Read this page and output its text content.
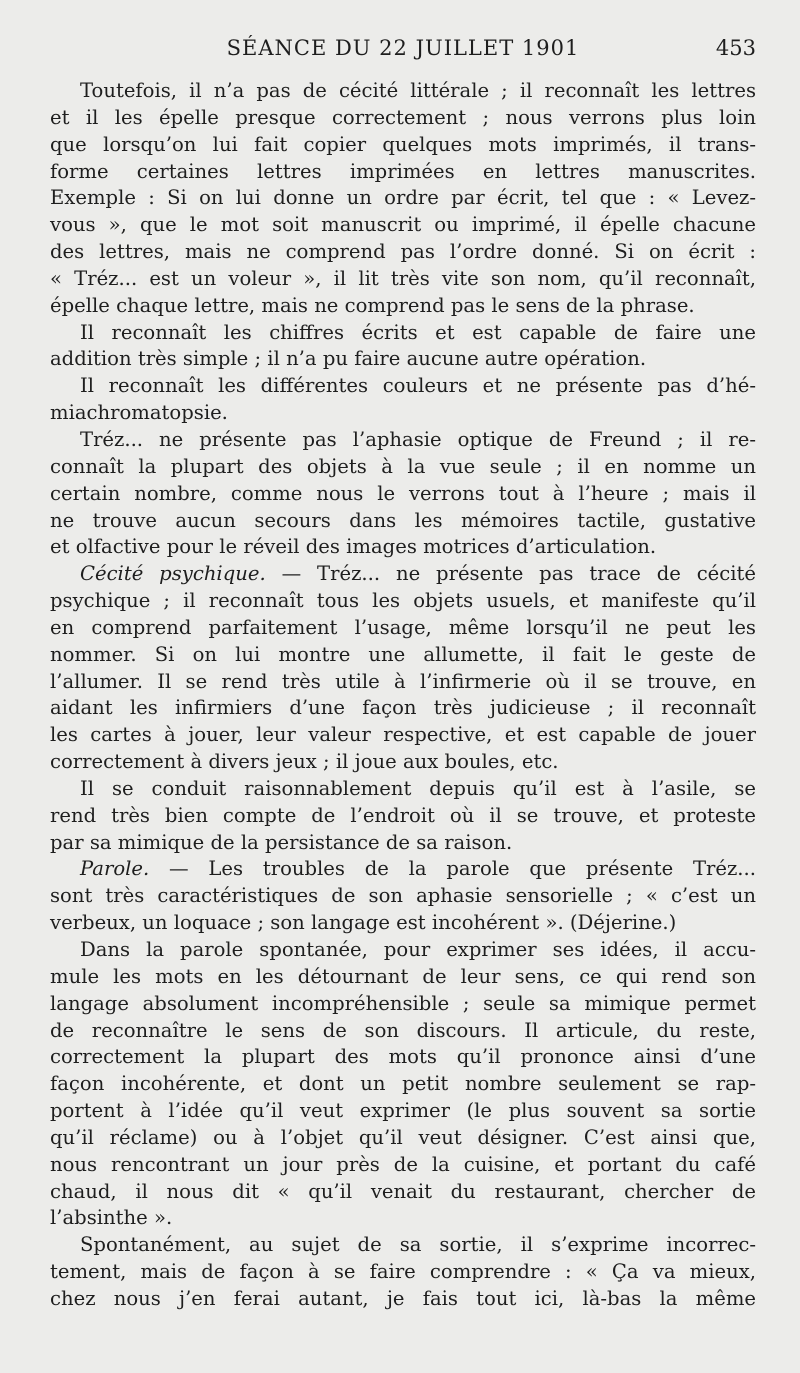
SÉANCE DU 22 JUILLET 1901	453
Toutefois, il n’a pas de cécité littérale ; il reconnaît les lettres
et il les épelle presque correctement ; nous verrons plus loin
que lorsqu’on lui fait copier quelques mots imprimés, il trans-
forme certaines lettres imprimées en lettres manuscrites.
Exemple : Si on lui donne un ordre par écrit, tel que : « Levez-
vous », que le mot soit manuscrit ou imprimé, il épelle chacune
des lettres, mais ne comprend pas l’ordre donné. Si on écrit :
« Tréz... est un voleur », il lit très vite son nom, qu’il reconnaît,
épelle chaque lettre, mais ne comprend pas le sens de la phrase.
Il reconnaît les chiffres écrits et est capable de faire une
addition très simple ; il n’a pu faire aucune autre opération.
Il reconnaît les différentes couleurs et ne présente pas d’hé-
miachromatopsie.
Tréz... ne présente pas l’aphasie optique de Freund ; il re-
connaît la plupart des objets à la vue seule ; il en nomme un
certain nombre, comme nous le verrons tout à l’heure ; mais il
ne trouve aucun secours dans les mémoires tactile, gustative
et olfactive pour le réveil des images motrices d’articulation.
Cécité psychique. — Tréz... ne présente pas trace de cécité
psychique ; il reconnaît tous les objets usuels, et manifeste qu’il
en comprend parfaitement l’usage, même lorsqu’il ne peut les
nommer. Si on lui montre une allumette, il fait le geste de
l’allumer. Il se rend très utile à l’infirmerie où il se trouve, en
aidant les infirmiers d’une façon très judicieuse ; il reconnaît
les cartes à jouer, leur valeur respective, et est capable de jouer
correctement à divers jeux ; il joue aux boules, etc.
Il se conduit raisonnablement depuis qu’il est à l’asile, se
rend très bien compte de l’endroit où il se trouve, et proteste
par sa mimique de la persistance de sa raison.
Parole. — Les troubles de la parole que présente Tréz...
sont très caractéristiques de son aphasie sensorielle ; « c’est un
verbeux, un loquace ; son langage est incohérent ». (Déjerine.)
Dans la parole spontanée, pour exprimer ses idées, il accu-
mule les mots en les détournant de leur sens, ce qui rend son
langage absolument incompréhensible ; seule sa mimique permet
de reconnaître le sens de son discours. Il articule, du reste,
correctement la plupart des mots qu’il prononce ainsi d’une
façon incohérente, et dont un petit nombre seulement se rap-
portent à l’idée qu’il veut exprimer (le plus souvent sa sortie
qu’il réclame) ou à l’objet qu’il veut désigner. C’est ainsi que,
nous rencontrant un jour près de la cuisine, et portant du café
chaud, il nous dit « qu’il venait du restaurant, chercher de
l’absinthe ».
Spontanément, au sujet de sa sortie, il s’exprime incorrec-
tement, mais de façon à se faire comprendre : « Ça va mieux,
chez nous j’en ferai autant, je fais tout ici, là-bas la même
